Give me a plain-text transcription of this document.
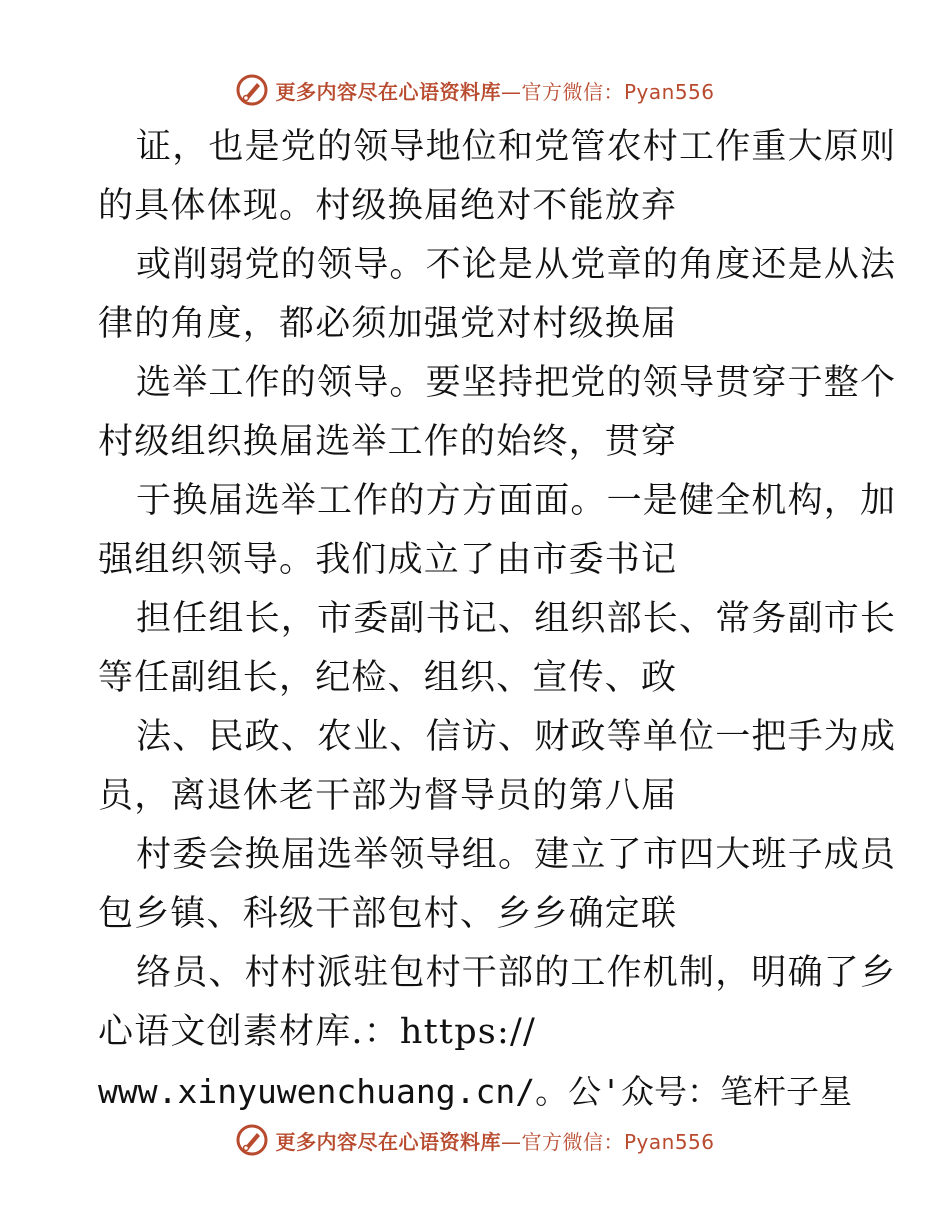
更多内容尽在心语资料库—官方微信：Pyan556
证，也是党的领导地位和党管农村工作重大原则
的具体体现。村级换届绝对不能放弃
或削弱党的领导。不论是从党章的角度还是从法
律的角度，都必须加强党对村级换届
选举工作的领导。要坚持把党的领导贯穿于整个
村级组织换届选举工作的始终，贯穿
于换届选举工作的方方面面。一是健全机构，加
强组织领导。我们成立了由市委书记
担任组长，市委副书记、组织部长、常务副市长
等任副组长，纪检、组织、宣传、政
法、民政、农业、信访、财政等单位一把手为成
员，离退休老干部为督导员的第八届
村委会换届选举领导组。建立了市四大班子成员
包乡镇、科级干部包村、乡乡确定联
络员、村村派驻包村干部的工作机制，明确了乡
心语文创素材库.：https://
www.xinyuwenchuang.cn/。公'众号：笔杆子星
更多内容尽在心语资料库—官方微信：Pyan556
